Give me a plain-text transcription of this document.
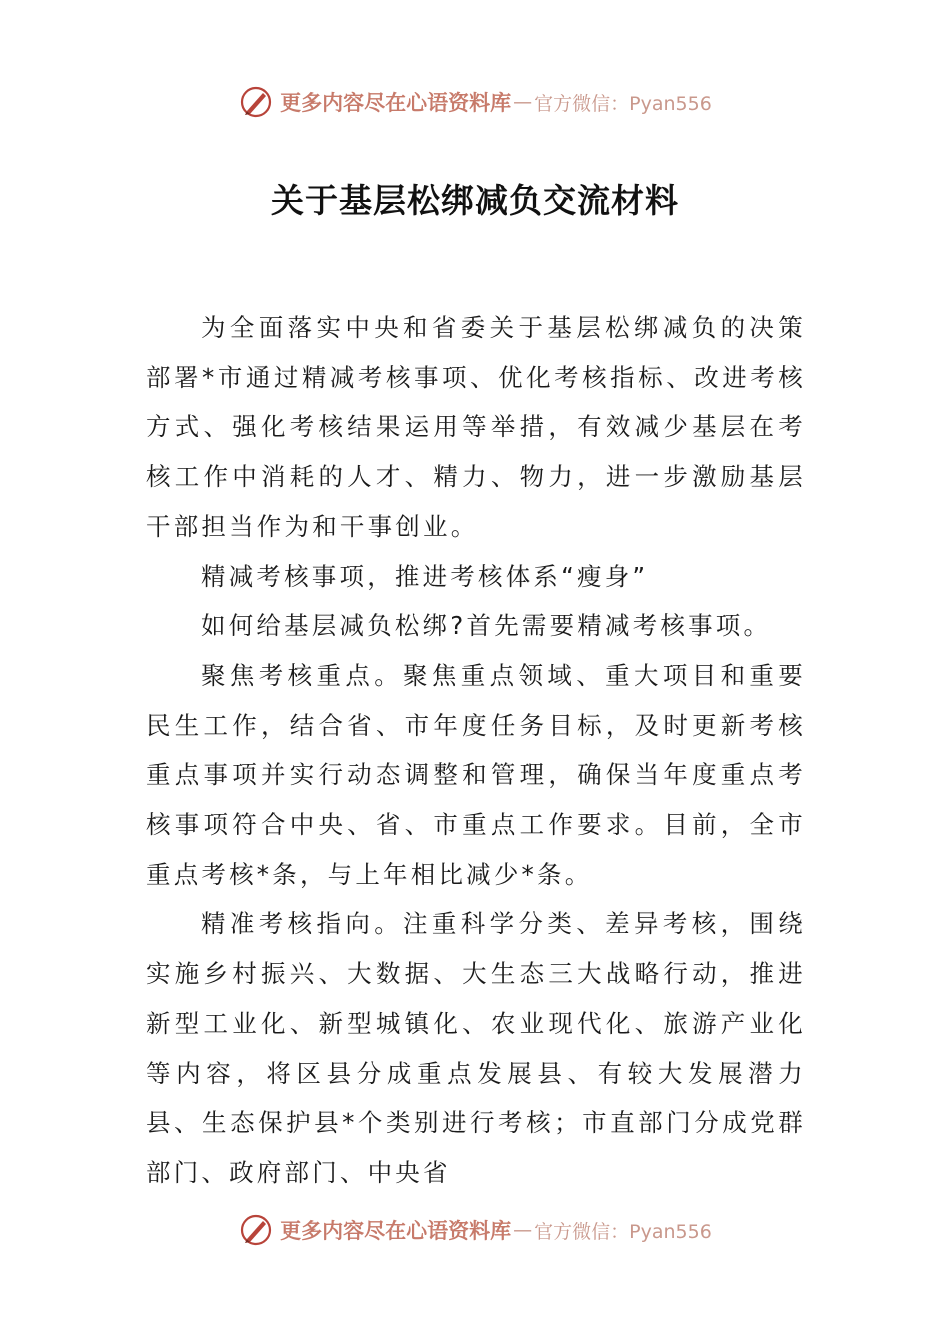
更多内容尽在心语资料库 — 官方微信：Pyan556
关于基层松绑减负交流材料

为全面落实中央和省委关于基层松绑减负的决策部署*市通过精减考核事项、优化考核指标、改进考核方式、强化考核结果运用等举措，有效减少基层在考核工作中消耗的人才、精力、物力，进一步激励基层干部担当作为和干事创业。

精减考核事项，推进考核体系“瘦身”

如何给基层减负松绑?首先需要精减考核事项。

聚焦考核重点。聚焦重点领域、重大项目和重要民生工作，结合省、市年度任务目标，及时更新考核重点事项并实行动态调整和管理，确保当年度重点考核事项符合中央、省、市重点工作要求。目前，全市重点考核*条，与上年相比减少*条。

精准考核指向。注重科学分类、差异考核，围绕实施乡村振兴、大数据、大生态三大战略行动，推进新型工业化、新型城镇化、农业现代化、旅游产业化等内容，将区县分成重点发展县、有较大发展潜力县、生态保护县*个类别进行考核；市直部门分成党群部门、政府部门、中央省

更多内容尽在心语资料库 — 官方微信：Pyan556
